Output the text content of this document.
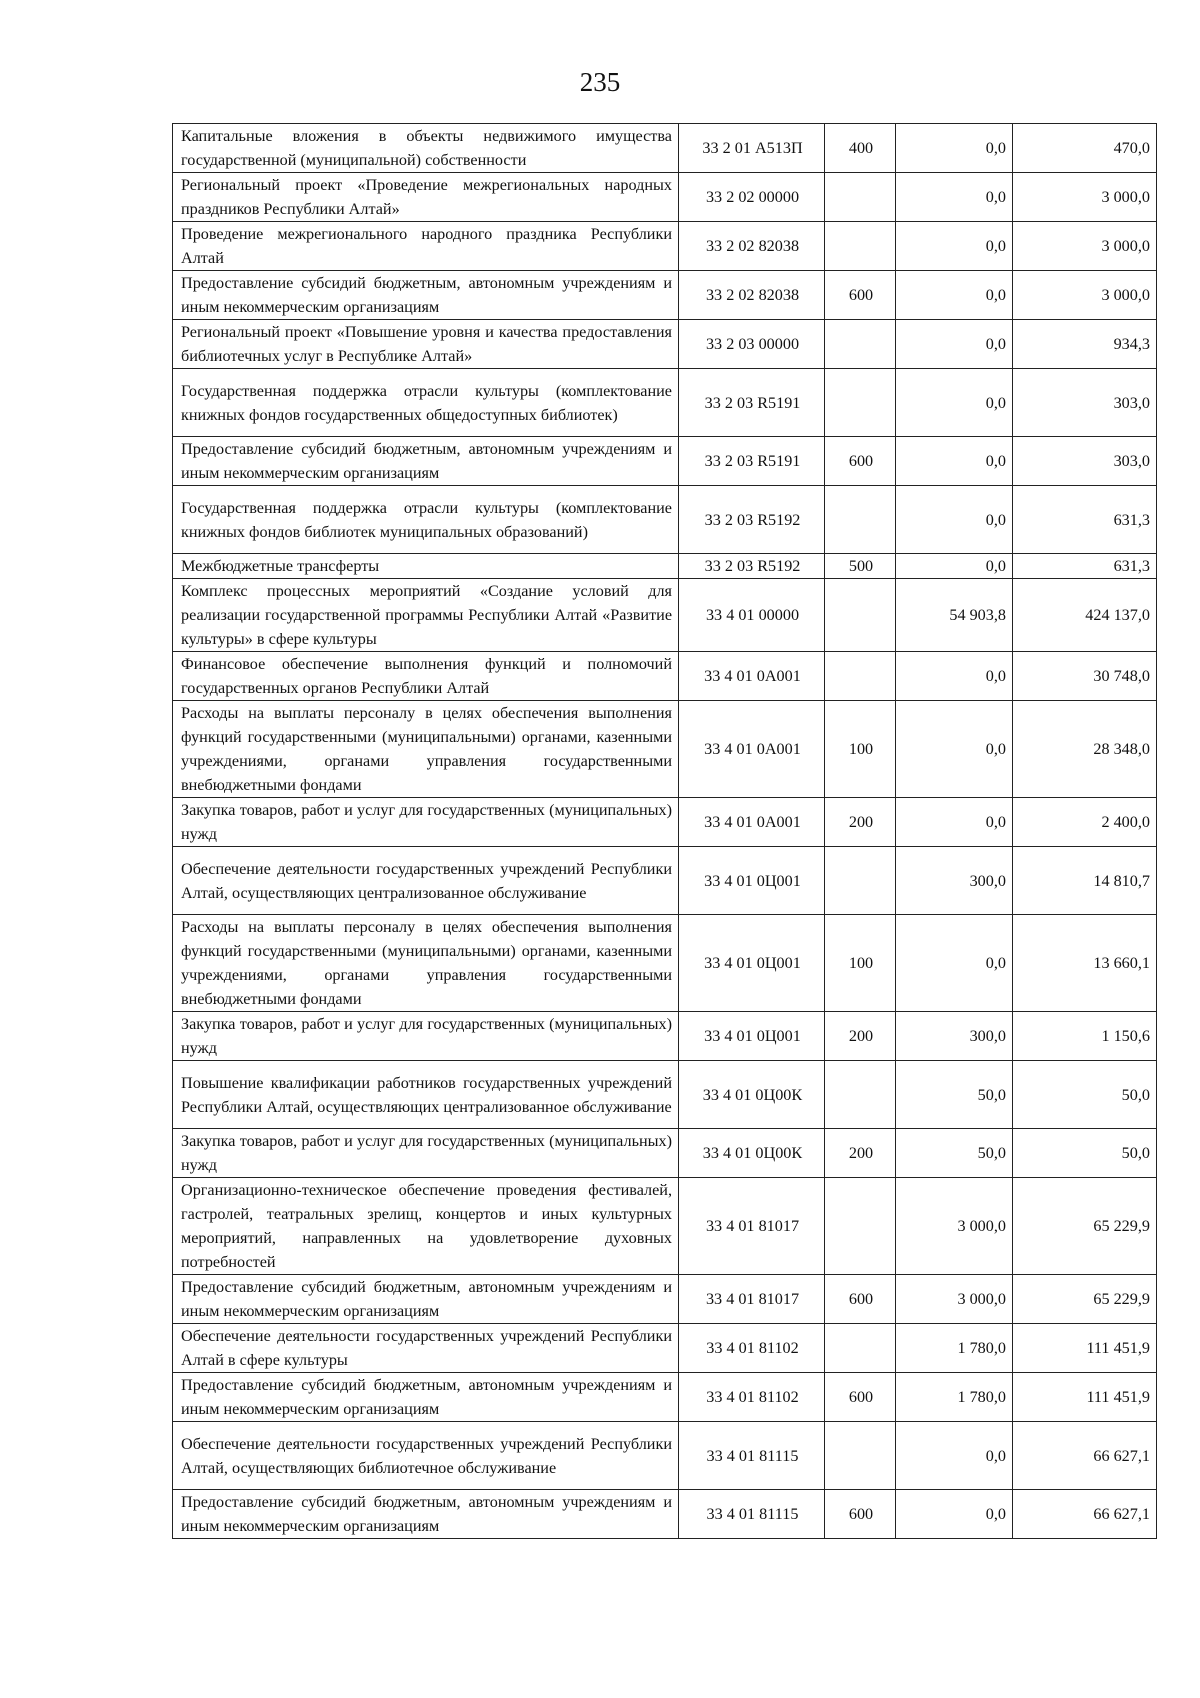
235
Капитальные вложения в объекты недвижимого имущества государственной (муниципальной) собственности	33 2 01 А513П	400	0,0	470,0
Региональный проект «Проведение межрегиональных народных праздников Республики Алтай»	33 2 02 00000		0,0	3 000,0
Проведение межрегионального народного праздника Республики Алтай	33 2 02 82038		0,0	3 000,0
Предоставление субсидий бюджетным, автономным учреждениям и иным некоммерческим организациям	33 2 02 82038	600	0,0	3 000,0
Региональный проект «Повышение уровня и качества предоставления библиотечных услуг в Республике Алтай»	33 2 03 00000		0,0	934,3
Государственная поддержка отрасли культуры (комплектование книжных фондов государственных общедоступных библиотек)	33 2 03 R5191		0,0	303,0
Предоставление субсидий бюджетным, автономным учреждениям и иным некоммерческим организациям	33 2 03 R5191	600	0,0	303,0
Государственная поддержка отрасли культуры (комплектование книжных фондов библиотек муниципальных образований)	33 2 03 R5192		0,0	631,3
Межбюджетные трансферты	33 2 03 R5192	500	0,0	631,3
Комплекс процессных мероприятий «Создание условий для реализации государственной программы Республики Алтай «Развитие культуры» в сфере культуры	33 4 01 00000		54 903,8	424 137,0
Финансовое обеспечение выполнения функций и полномочий государственных органов Республики Алтай	33 4 01 0А001		0,0	30 748,0
Расходы на выплаты персоналу в целях обеспечения выполнения функций государственными (муниципальными) органами, казенными учреждениями, органами управления государственными внебюджетными фондами	33 4 01 0А001	100	0,0	28 348,0
Закупка товаров, работ и услуг для государственных (муниципальных) нужд	33 4 01 0А001	200	0,0	2 400,0
Обеспечение деятельности государственных учреждений Республики Алтай, осуществляющих централизованное обслуживание	33 4 01 0Ц001		300,0	14 810,7
Расходы на выплаты персоналу в целях обеспечения выполнения функций государственными (муниципальными) органами, казенными учреждениями, органами управления государственными внебюджетными фондами	33 4 01 0Ц001	100	0,0	13 660,1
Закупка товаров, работ и услуг для государственных (муниципальных) нужд	33 4 01 0Ц001	200	300,0	1 150,6
Повышение квалификации работников государственных учреждений Республики Алтай, осуществляющих централизованное обслуживание	33 4 01 0Ц00К		50,0	50,0
Закупка товаров, работ и услуг для государственных (муниципальных) нужд	33 4 01 0Ц00К	200	50,0	50,0
Организационно-техническое обеспечение проведения фестивалей, гастролей, театральных зрелищ, концертов и иных культурных мероприятий, направленных на удовлетворение духовных потребностей	33 4 01 81017		3 000,0	65 229,9
Предоставление субсидий бюджетным, автономным учреждениям и иным некоммерческим организациям	33 4 01 81017	600	3 000,0	65 229,9
Обеспечение деятельности государственных учреждений Республики Алтай в сфере культуры	33 4 01 81102		1 780,0	111 451,9
Предоставление субсидий бюджетным, автономным учреждениям и иным некоммерческим организациям	33 4 01 81102	600	1 780,0	111 451,9
Обеспечение деятельности государственных учреждений Республики Алтай, осуществляющих библиотечное обслуживание	33 4 01 81115		0,0	66 627,1
Предоставление субсидий бюджетным, автономным учреждениям и иным некоммерческим организациям	33 4 01 81115	600	0,0	66 627,1
